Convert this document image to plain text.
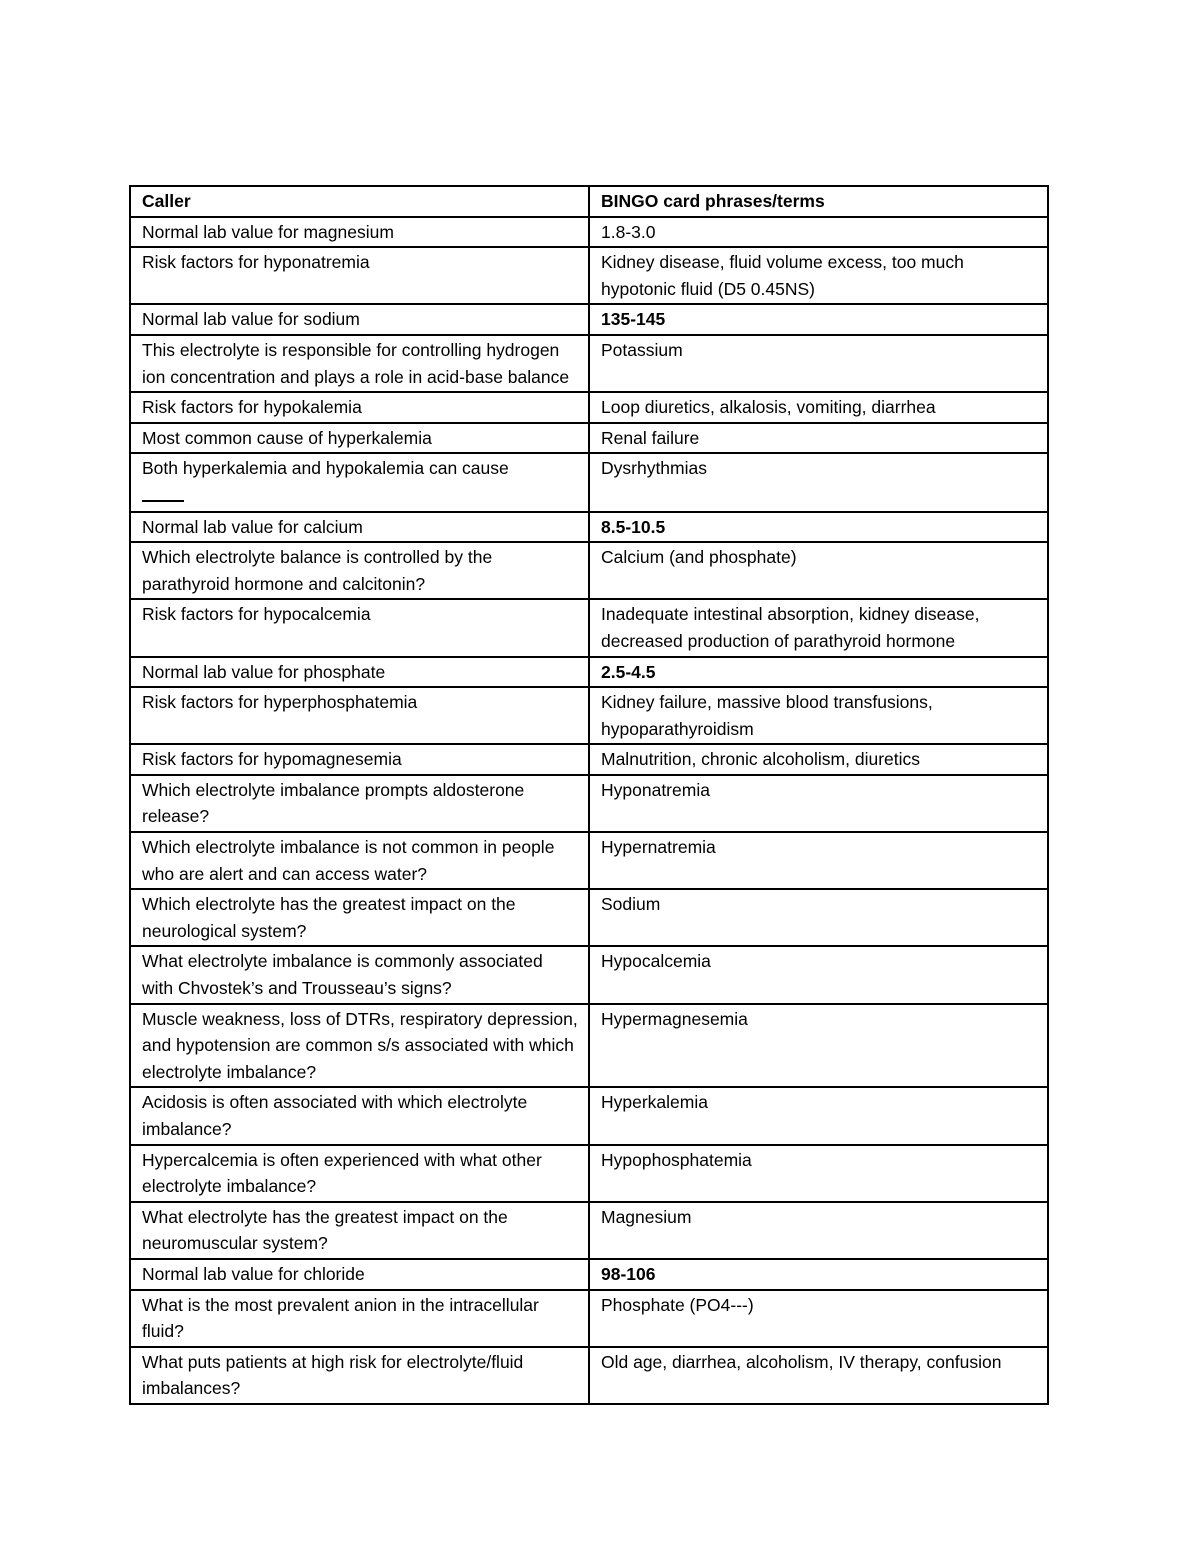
Caller	BINGO card phrases/terms
Normal lab value for magnesium	1.8-3.0
Risk factors for hyponatremia	Kidney disease, fluid volume excess, too much hypotonic fluid (D5 0.45NS)
Normal lab value for sodium	135-145
This electrolyte is responsible for controlling hydrogen ion concentration and plays a role in acid-base balance	Potassium
Risk factors for hypokalemia	Loop diuretics, alkalosis, vomiting, diarrhea
Most common cause of hyperkalemia	Renal failure
Both hyperkalemia and hypokalemia can cause	Dysrhythmias
Normal lab value for calcium	8.5-10.5
Which electrolyte balance is controlled by the parathyroid hormone and calcitonin?	Calcium (and phosphate)
Risk factors for hypocalcemia	Inadequate intestinal absorption, kidney disease, decreased production of parathyroid hormone
Normal lab value for phosphate	2.5-4.5
Risk factors for hyperphosphatemia	Kidney failure, massive blood transfusions, hypoparathyroidism
Risk factors for hypomagnesemia	Malnutrition, chronic alcoholism, diuretics
Which electrolyte imbalance prompts aldosterone release?	Hyponatremia
Which electrolyte imbalance is not common in people who are alert and can access water?	Hypernatremia
Which electrolyte has the greatest impact on the neurological system?	Sodium
What electrolyte imbalance is commonly associated with Chvostek’s and Trousseau’s signs?	Hypocalcemia
Muscle weakness, loss of DTRs, respiratory depression, and hypotension are common s/s associated with which electrolyte imbalance?	Hypermagnesemia
Acidosis is often associated with which electrolyte imbalance?	Hyperkalemia
Hypercalcemia is often experienced with what other electrolyte imbalance?	Hypophosphatemia
What electrolyte has the greatest impact on the neuromuscular system?	Magnesium
Normal lab value for chloride	98-106
What is the most prevalent anion in the intracellular fluid?	Phosphate (PO4---)
What puts patients at high risk for electrolyte/fluid imbalances?	Old age, diarrhea, alcoholism, IV therapy, confusion
